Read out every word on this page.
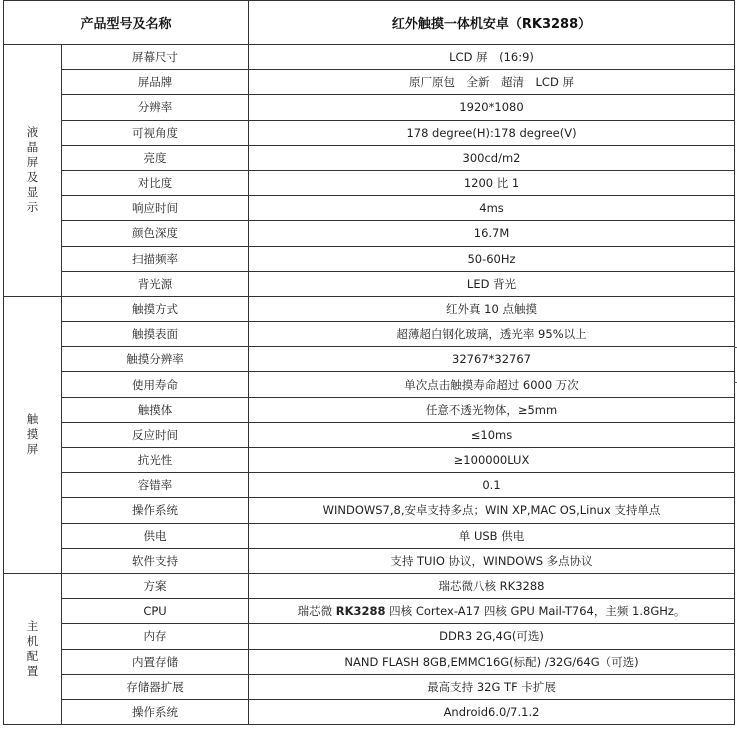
产品型号及名称		红外触摸一体机安卓（RK3288）
液晶屏及显示	屏幕尺寸	LCD 屏　(16:9)
	屏品牌	原厂原包　全新　超清　LCD 屏
	分辨率	1920*1080
	可视角度	178 degree(H):178 degree(V)
	亮度	300cd/m2
	对比度	1200 比 1
	响应时间	4ms
	颜色深度	16.7M
	扫描频率	50-60Hz
	背光源	LED 背光
触摸屏	触摸方式	红外真 10 点触摸
	触摸表面	超薄超白钢化玻璃，透光率 95%以上
	触摸分辨率	32767*32767
	使用寿命	单次点击触摸寿命超过 6000 万次
	触摸体	任意不透光物体，≥5mm
	反应时间	≤10ms
	抗光性	≥100000LUX
	容错率	0.1
	操作系统	WINDOWS7,8,安卓支持多点；WIN XP,MAC OS,Linux 支持单点
	供电	单 USB 供电
	软件支持	支持 TUIO 协议，WINDOWS 多点协议
主机配置	方案	瑞芯微八核 RK3288
	CPU	瑞芯微 RK3288 四核 Cortex-A17 四核 GPU Mail-T764，主频 1.8GHz。
	内存	DDR3 2G,4G(可选)
	内置存储	NAND FLASH 8GB,EMMC16G(标配) /32G/64G（可选)
	存储器扩展	最高支持 32G TF 卡扩展
	操作系统	Android6.0/7.1.2
